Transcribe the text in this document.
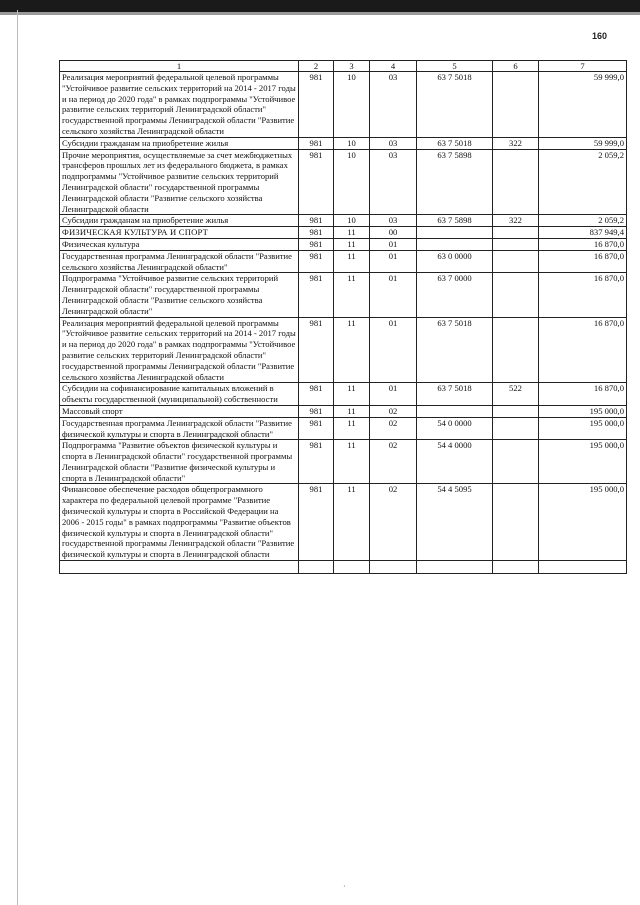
160
1	2	3	4	5	6	7
Реализация мероприятий федеральной целевой программы "Устойчивое развитие сельских территорий на 2014 - 2017 годы и на период до 2020 года" в рамках подпрограммы "Устойчивое развитие сельских территорий Ленинградской области" государственной программы Ленинградской области "Развитие сельского хозяйства Ленинградской области	981	10	03	63 7 5018		59 999,0
Субсидии гражданам на приобретение жилья	981	10	03	63 7 5018	322	59 999,0
Прочие мероприятия, осуществляемые за счет межбюджетных трансферов прошлых лет из федерального бюджета, в рамках подпрограммы "Устойчивое развитие сельских территорий Ленинградской области" государственной программы Ленинградской области "Развитие сельского хозяйства Ленинградской области	981	10	03	63 7 5898		2 059,2
Субсидии гражданам на приобретение жилья	981	10	03	63 7 5898	322	2 059,2
ФИЗИЧЕСКАЯ КУЛЬТУРА И СПОРТ	981	11	00			837 949,4
Физическая культура	981	11	01			16 870,0
Государственная программа Ленинградской области "Развитие сельского хозяйства Ленинградской области"	981	11	01	63 0 0000		16 870,0
Подпрограмма "Устойчивое развитие сельских территорий Ленинградской области" государственной программы Ленинградской области "Развитие сельского хозяйства Ленинградской области"	981	11	01	63 7 0000		16 870,0
Реализация мероприятий федеральной целевой программы "Устойчивое развитие сельских территорий на 2014 - 2017 годы и на период до 2020 года" в рамках подпрограммы "Устойчивое развитие сельских территорий Ленинградской области" государственной программы Ленинградской области "Развитие сельского хозяйства Ленинградской области	981	11	01	63 7 5018		16 870,0
Субсидии на софинансирование капитальных вложений в объекты государственной (муниципальной) собственности	981	11	01	63 7 5018	522	16 870,0
Массовый спорт	981	11	02			195 000,0
Государственная программа Ленинградской области "Развитие физической культуры и спорта в Ленинградской области"	981	11	02	54 0 0000		195 000,0
Подпрограмма "Развитие объектов физической культуры и спорта в Ленинградской области" государственной программы Ленинградской области "Развитие физической культуры и спорта в Ленинградской области"	981	11	02	54 4 0000		195 000,0
Финансовое обеспечение расходов общепрограммного характера по федеральной целевой программе "Развитие физической культуры и спорта в Российской Федерации на 2006 - 2015 годы" в рамках подпрограммы "Развитие объектов физической культуры и спорта в Ленинградской области" государственной программы Ленинградской области "Развитие физической культуры и спорта в Ленинградской области	981	11	02	54 4 5095		195 000,0

·
